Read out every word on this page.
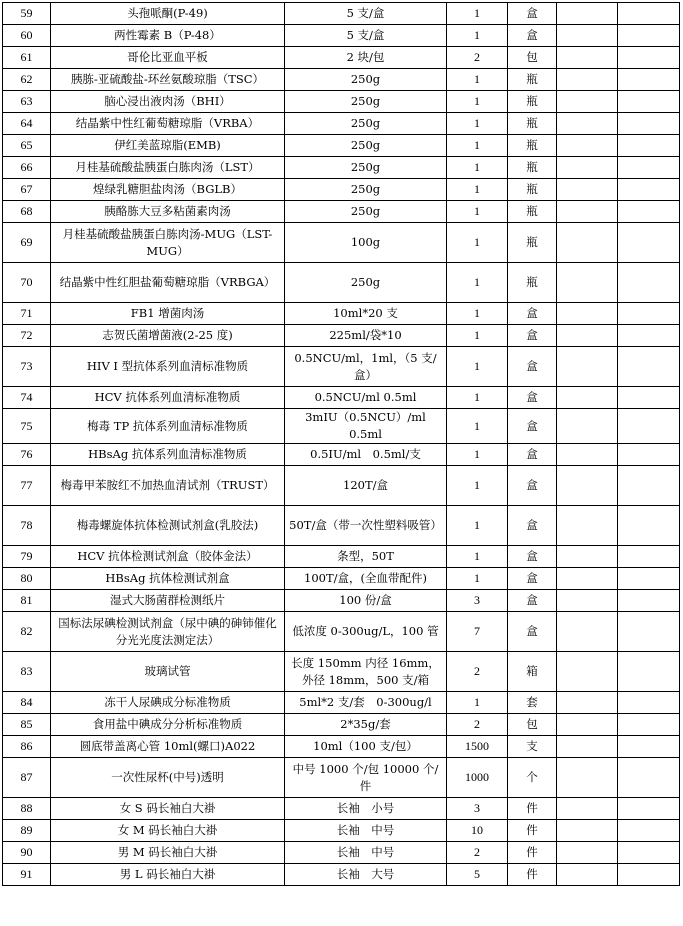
59	头孢哌酮(P-49)	5 支/盒	1	盒		
60	两性霉素 B（P-48）	5 支/盒	1	盒		
61	哥伦比亚血平板	2 块/包	2	包		
62	胰胨-亚硫酸盐-环丝氨酸琼脂（TSC）	250g	1	瓶		
63	脑心浸出液肉汤（BHI）	250g	1	瓶		
64	结晶紫中性红葡萄糖琼脂（VRBA）	250g	1	瓶		
65	伊红美蓝琼脂(EMB)	250g	1	瓶		
66	月桂基硫酸盐胰蛋白胨肉汤（LST）	250g	1	瓶		
67	煌绿乳糖胆盐肉汤（BGLB）	250g	1	瓶		
68	胰酪胨大豆多粘菌素肉汤	250g	1	瓶		
69	月桂基硫酸盐胰蛋白胨肉汤-MUG（LST-MUG）	100g	1	瓶		
70	结晶紫中性红胆盐葡萄糖琼脂（VRBGA）	250g	1	瓶		
71	FB1 增菌肉汤	10ml*20 支	1	盒		
72	志贺氏菌增菌液(2-25 度)	225ml/袋*10	1	盒		
73	HIV I 型抗体系列血清标准物质	0.5NCU/ml，1ml，（5 支/盒）	1	盒		
74	HCV 抗体系列血清标准物质	0.5NCU/ml 0.5ml	1	盒		
75	梅毒 TP 抗体系列血清标准物质	3mIU（0.5NCU）/ml 0.5ml	1	盒		
76	HBsAg 抗体系列血清标准物质	0.5IU/ml　0.5ml/支	1	盒		
77	梅毒甲苯胺红不加热血清试剂（TRUST）	120T/盒	1	盒		
78	梅毒螺旋体抗体检测试剂盒(乳胶法)	50T/盒（带一次性塑料吸管）	1	盒		
79	HCV 抗体检测试剂盒（胶体金法）	条型，50T	1	盒		
80	HBsAg 抗体检测试剂盒	100T/盒，(全血带配件)	1	盒		
81	湿式大肠菌群检测纸片	100 份/盒	3	盒		
82	国标法尿碘检测试剂盒（尿中碘的砷铈催化分光光度法测定法）	低浓度 0-300ug/L，100 管	7	盒		
83	玻璃试管	长度 150mm 内径 16mm，外径 18mm，500 支/箱	2	箱		
84	冻干人尿碘成分标准物质	5ml*2 支/套　0-300ug/l	1	套		
85	食用盐中碘成分分析标准物质	2*35g/套	2	包		
86	圆底带盖离心管 10ml(螺口)A022	10ml（100 支/包）	1500	支		
87	一次性尿杯(中号)透明	中号 1000 个/包 10000 个/件	1000	个		
88	女 S 码长袖白大褂	长袖　小号	3	件		
89	女 M 码长袖白大褂	长袖　中号	10	件		
90	男 M 码长袖白大褂	长袖　中号	2	件		
91	男 L 码长袖白大褂	长袖　大号	5	件		
